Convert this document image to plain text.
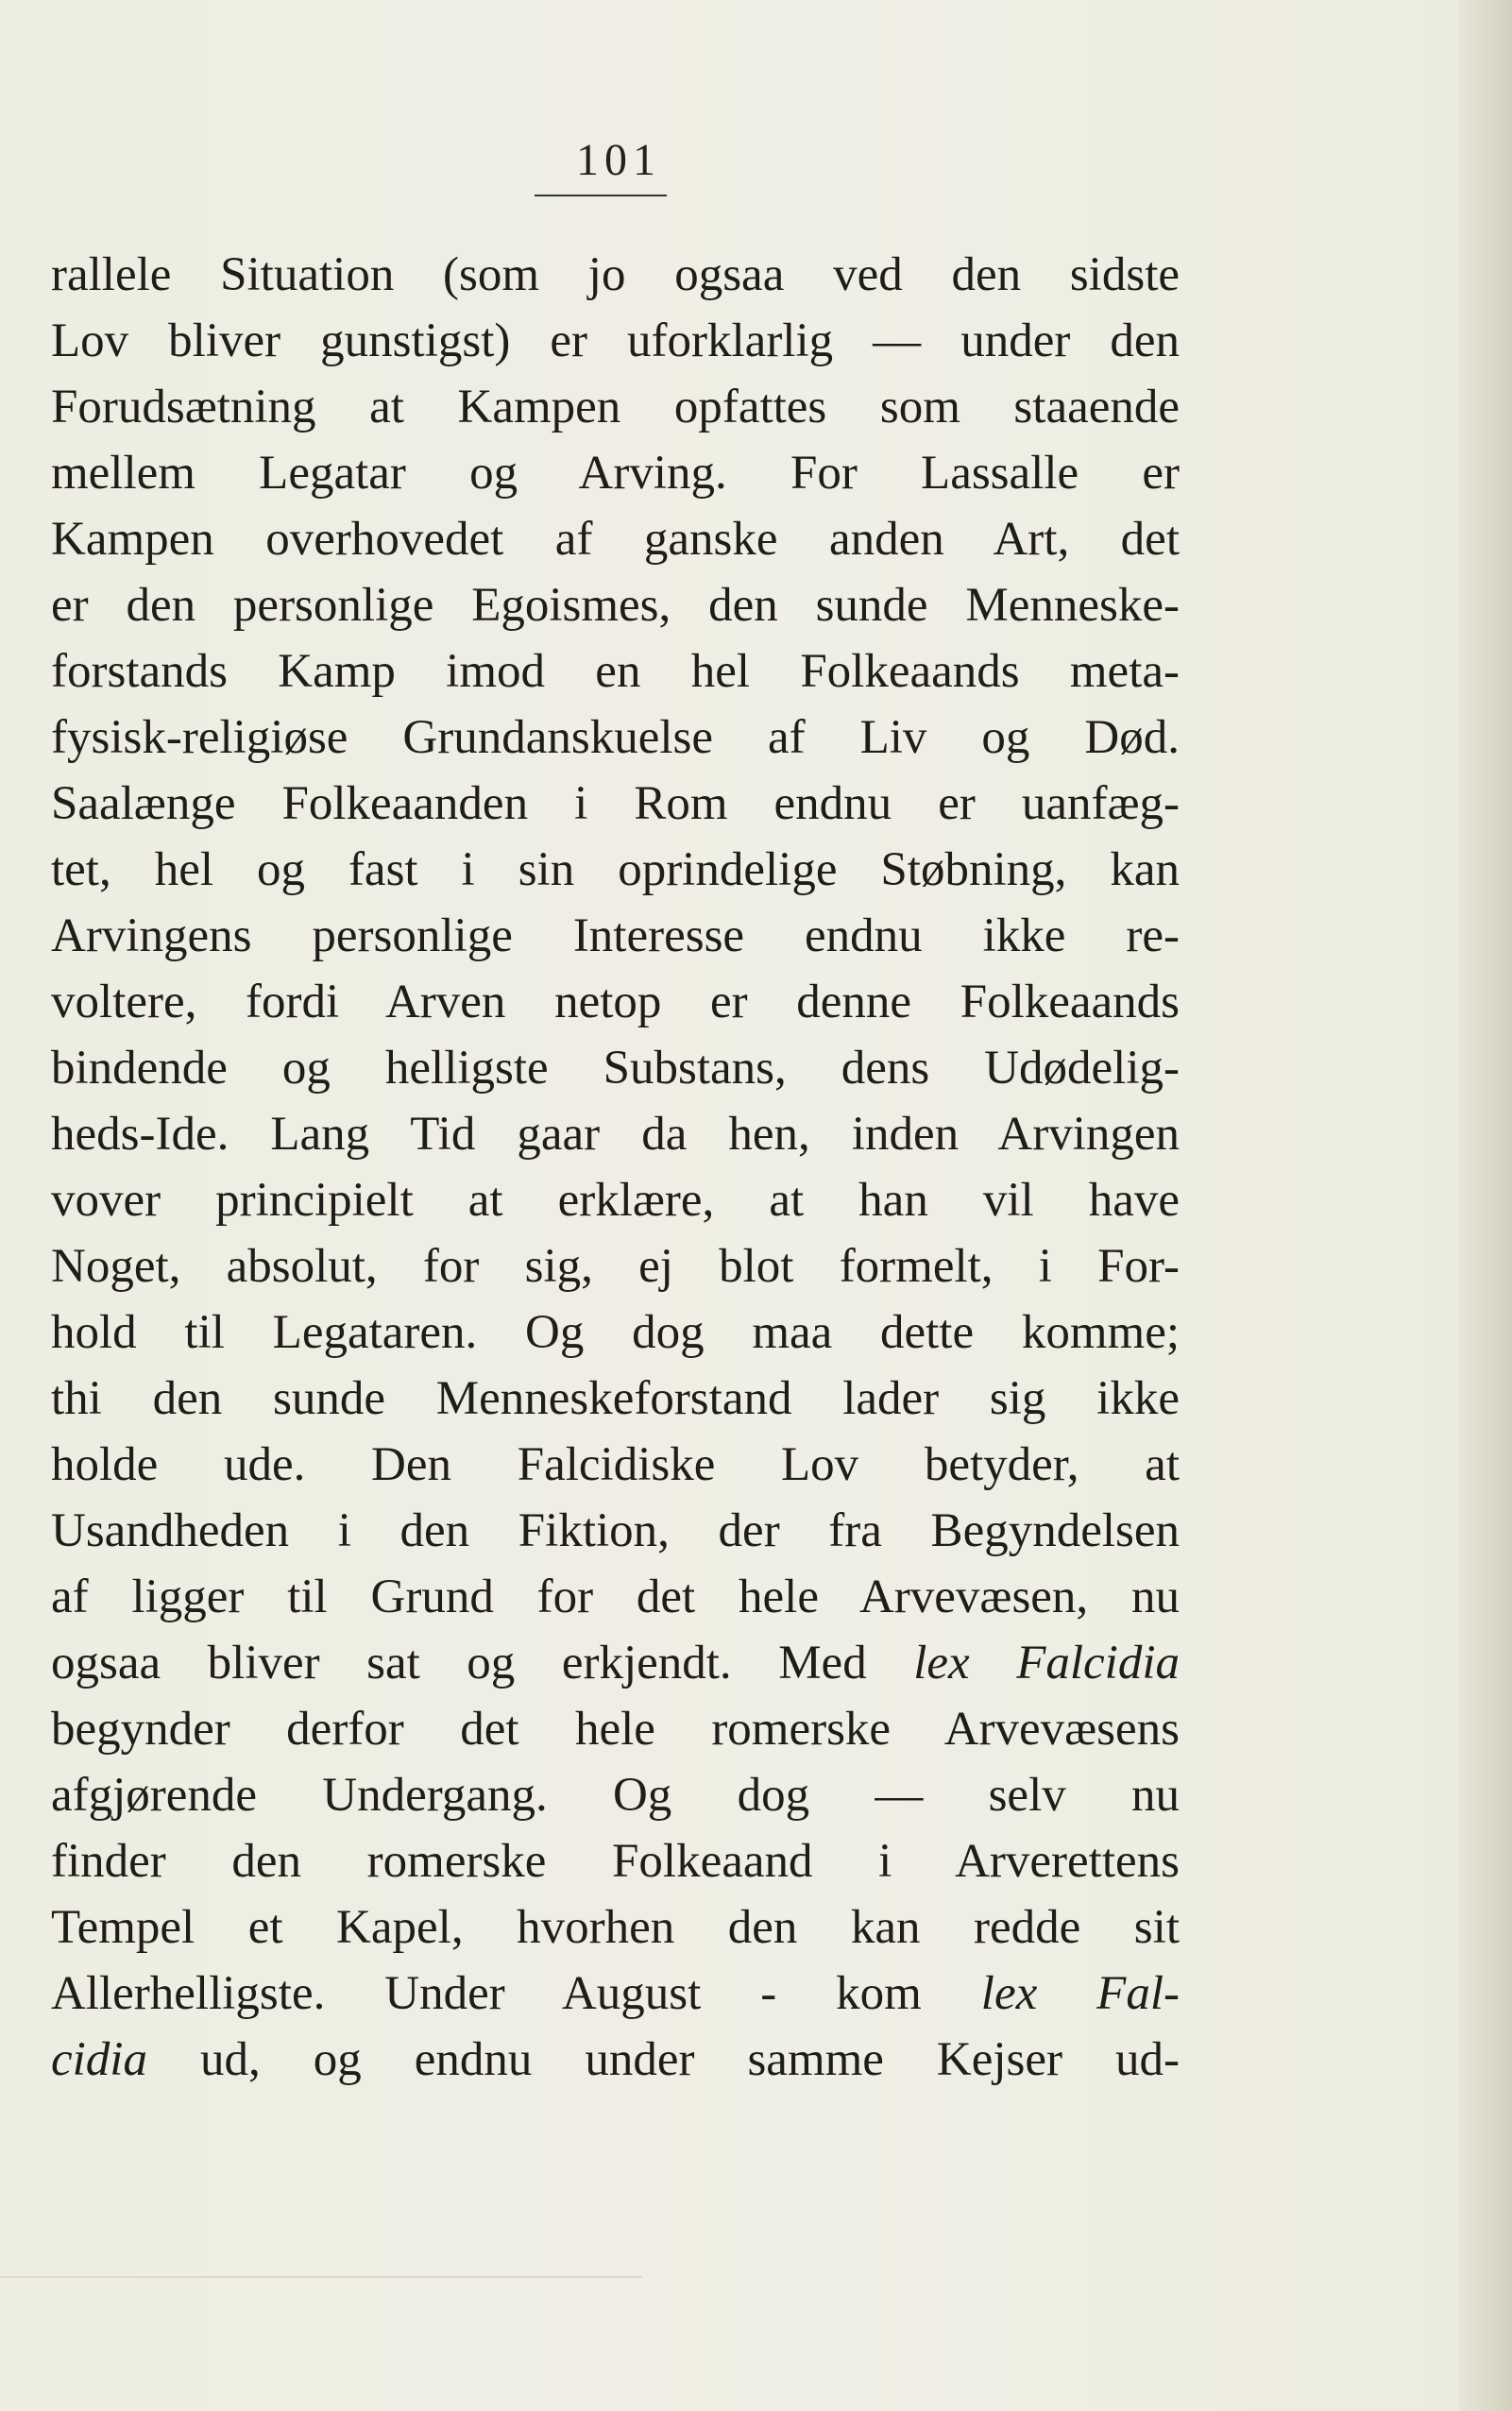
101
rallele Situation (som jo ogsaa ved den sidste
Lov bliver gunstigst) er uforklarlig — under den
Forudsætning at Kampen opfattes som staaende
mellem Legatar og Arving. For Lassalle er
Kampen overhovedet af ganske anden Art, det
er den personlige Egoismes, den sunde Menneske-
forstands Kamp imod en hel Folkeaands meta-
fysisk-religiøse Grundanskuelse af Liv og Død.
Saalænge Folkeaanden i Rom endnu er uanfæg-
tet, hel og fast i sin oprindelige Støbning, kan
Arvingens personlige Interesse endnu ikke re-
voltere, fordi Arven netop er denne Folkeaands
bindende og helligste Substans, dens Udødelig-
heds-Ide. Lang Tid gaar da hen, inden Arvingen
vover principielt at erklære, at han vil have
Noget, absolut, for sig, ej blot formelt, i For-
hold til Legataren. Og dog maa dette komme;
thi den sunde Menneskeforstand lader sig ikke
holde ude. Den Falcidiske Lov betyder, at
Usandheden i den Fiktion, der fra Begyndelsen
af ligger til Grund for det hele Arvevæsen, nu
ogsaa bliver sat og erkjendt. Med lex Falcidia
begynder derfor det hele romerske Arvevæsens
afgjørende Undergang. Og dog — selv nu
finder den romerske Folkeaand i Arverettens
Tempel et Kapel, hvorhen den kan redde sit
Allerhelligste. Under August - kom lex Fal-
cidia ud, og endnu under samme Kejser ud-
